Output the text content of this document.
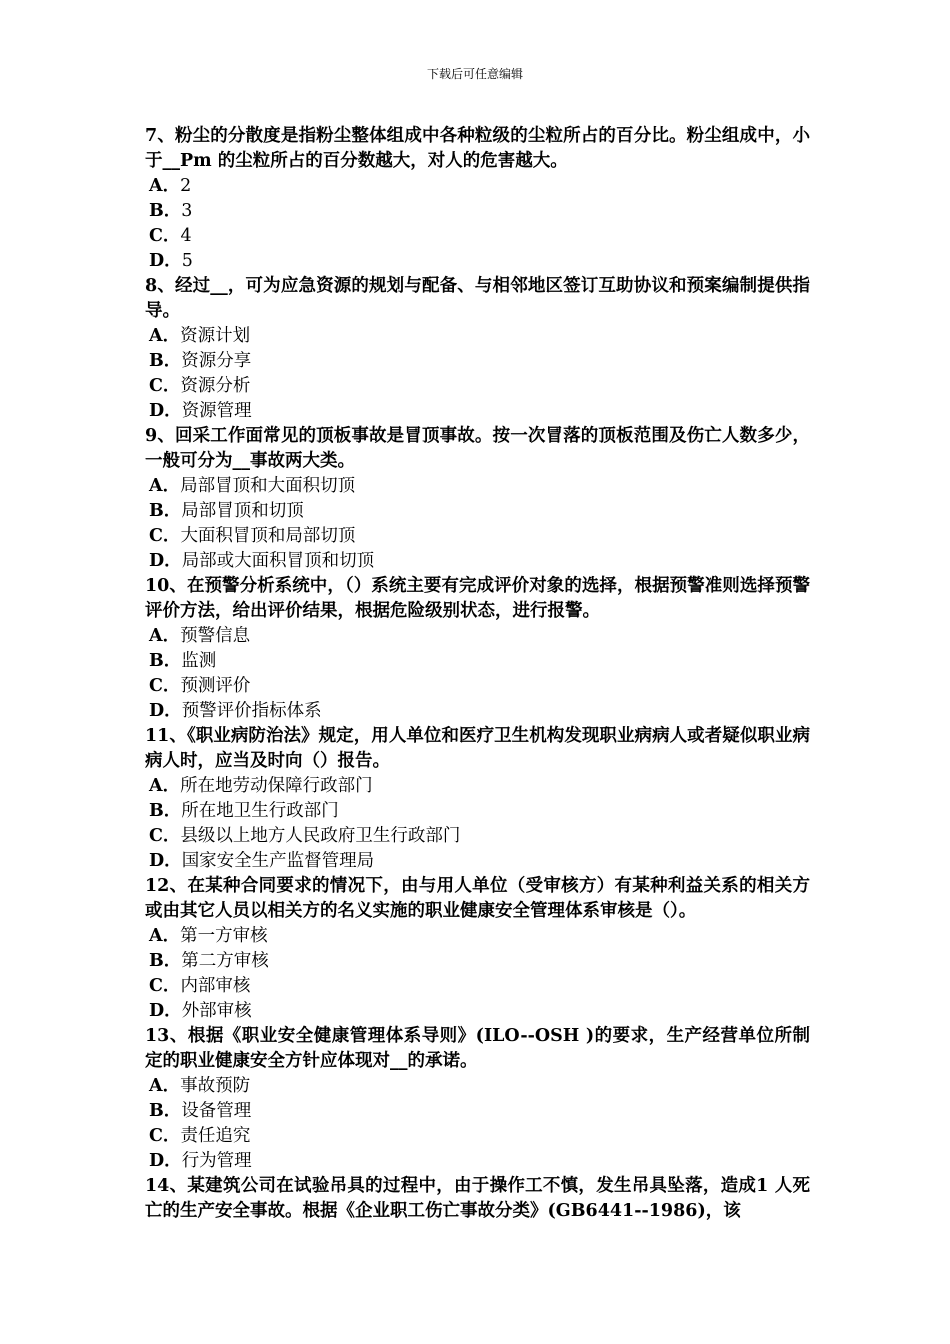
下载后可任意编辑
7、粉尘的分散度是指粉尘整体组成中各种粒级的尘粒所占的百分比。粉尘组成中，小于__Pm 的尘粒所占的百分数越大，对人的危害越大。
A．2
B．3
C．4
D．5
8、经过__，可为应急资源的规划与配备、与相邻地区签订互助协议和预案编制提供指导。
A．资源计划
B．资源分享
C．资源分析
D．资源管理
9、回采工作面常见的顶板事故是冒顶事故。按一次冒落的顶板范围及伤亡人数多少，一般可分为__事故两大类。
A．局部冒顶和大面积切顶
B．局部冒顶和切顶
C．大面积冒顶和局部切顶
D．局部或大面积冒顶和切顶
10、在预警分析系统中，（）系统主要有完成评价对象的选择，根据预警准则选择预警评价方法，给出评价结果，根据危险级别状态，进行报警。
A．预警信息
B．监测
C．预测评价
D．预警评价指标体系
11、《职业病防治法》规定，用人单位和医疗卫生机构发现职业病病人或者疑似职业病病人时，应当及时向（）报告。
A．所在地劳动保障行政部门
B．所在地卫生行政部门
C．县级以上地方人民政府卫生行政部门
D．国家安全生产监督管理局
12、在某种合同要求的情况下，由与用人单位（受审核方）有某种利益关系的相关方或由其它人员以相关方的名义实施的职业健康安全管理体系审核是（）。
A．第一方审核
B．第二方审核
C．内部审核
D．外部审核
13、根据《职业安全健康管理体系导则》(ILO--OSH )的要求，生产经营单位所制定的职业健康安全方针应体现对__的承诺。
A．事故预防
B．设备管理
C．责任追究
D．行为管理
14、某建筑公司在试验吊具的过程中，由于操作工不慎，发生吊具坠落，造成1 人死亡的生产安全事故。根据《企业职工伤亡事故分类》(GB6441--1986)，该
